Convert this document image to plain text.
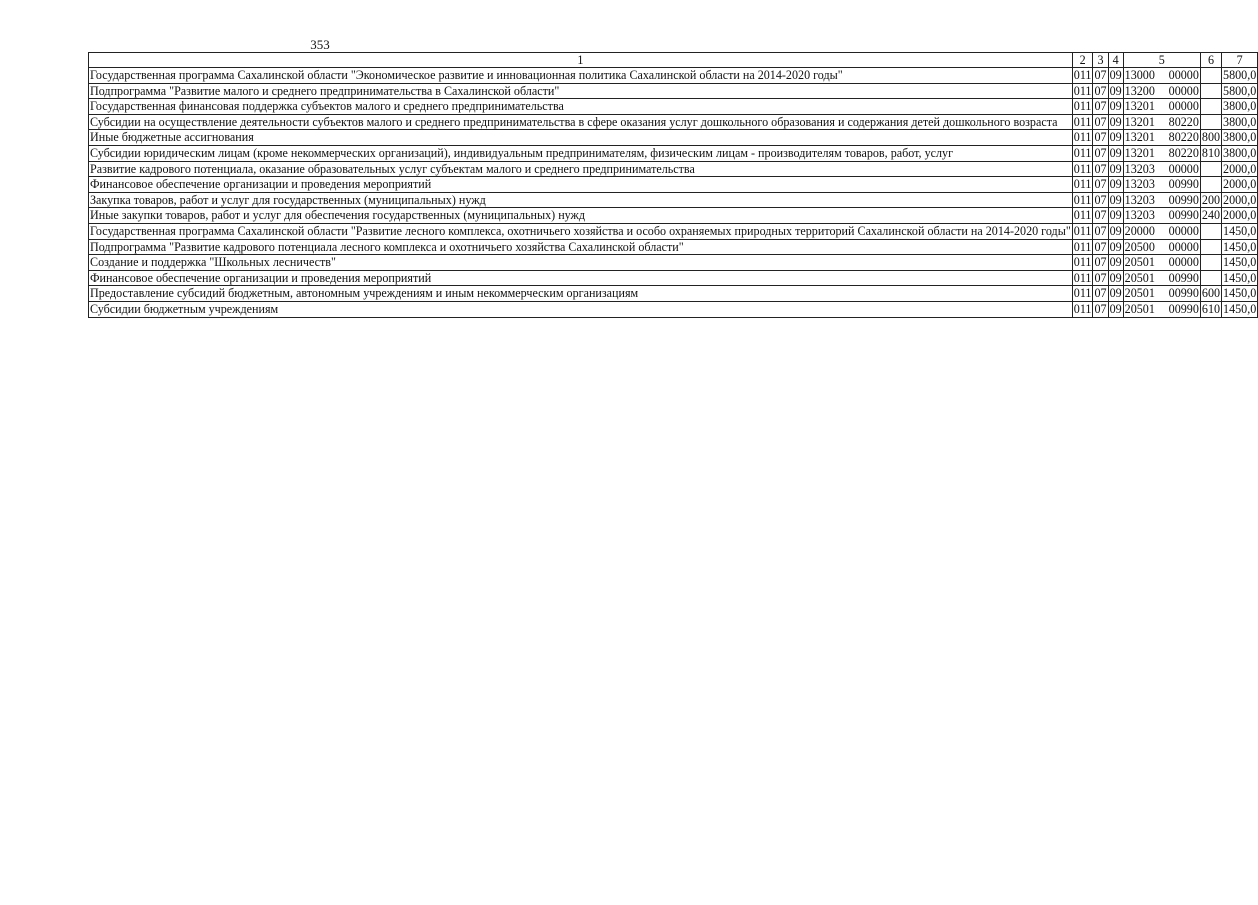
353
1	2	3	4	5	6	7
Государственная программа Сахалинской области "Экономическое развитие и инновационная политика Сахалинской области на 2014-2020 годы"	011	07	09	13000 00000		5800,0
Подпрограмма "Развитие малого и среднего предпринимательства в Сахалинской области"	011	07	09	13200 00000		5800,0
Государственная финансовая поддержка субъектов малого и среднего предпринимательства	011	07	09	13201 00000		3800,0
Субсидии на осуществление деятельности субъектов малого и среднего предпринимательства в сфере оказания услуг дошкольного образования и содержания детей дошкольного возраста	011	07	09	13201 80220		3800,0
Иные бюджетные ассигнования	011	07	09	13201 80220	800	3800,0
Субсидии юридическим лицам (кроме некоммерческих организаций), индивидуальным предпринимателям, физическим лицам - производителям товаров, работ, услуг	011	07	09	13201 80220	810	3800,0
Развитие кадрового потенциала, оказание образовательных услуг субъектам малого и среднего предпринимательства	011	07	09	13203 00000		2000,0
Финансовое обеспечение организации и проведения мероприятий	011	07	09	13203 00990		2000,0
Закупка товаров, работ и услуг для государственных (муниципальных) нужд	011	07	09	13203 00990	200	2000,0
Иные закупки товаров, работ и услуг для обеспечения государственных (муниципальных) нужд	011	07	09	13203 00990	240	2000,0
Государственная программа Сахалинской области "Развитие лесного комплекса, охотничьего хозяйства и особо охраняемых природных территорий Сахалинской области на 2014-2020 годы"	011	07	09	20000 00000		1450,0
Подпрограмма "Развитие кадрового потенциала лесного комплекса и охотничьего хозяйства Сахалинской области"	011	07	09	20500 00000		1450,0
Создание и поддержка "Школьных лесничеств"	011	07	09	20501 00000		1450,0
Финансовое обеспечение организации и проведения мероприятий	011	07	09	20501 00990		1450,0
Предоставление субсидий бюджетным, автономным учреждениям и иным некоммерческим организациям	011	07	09	20501 00990	600	1450,0
Субсидии бюджетным учреждениям	011	07	09	20501 00990	610	1450,0
